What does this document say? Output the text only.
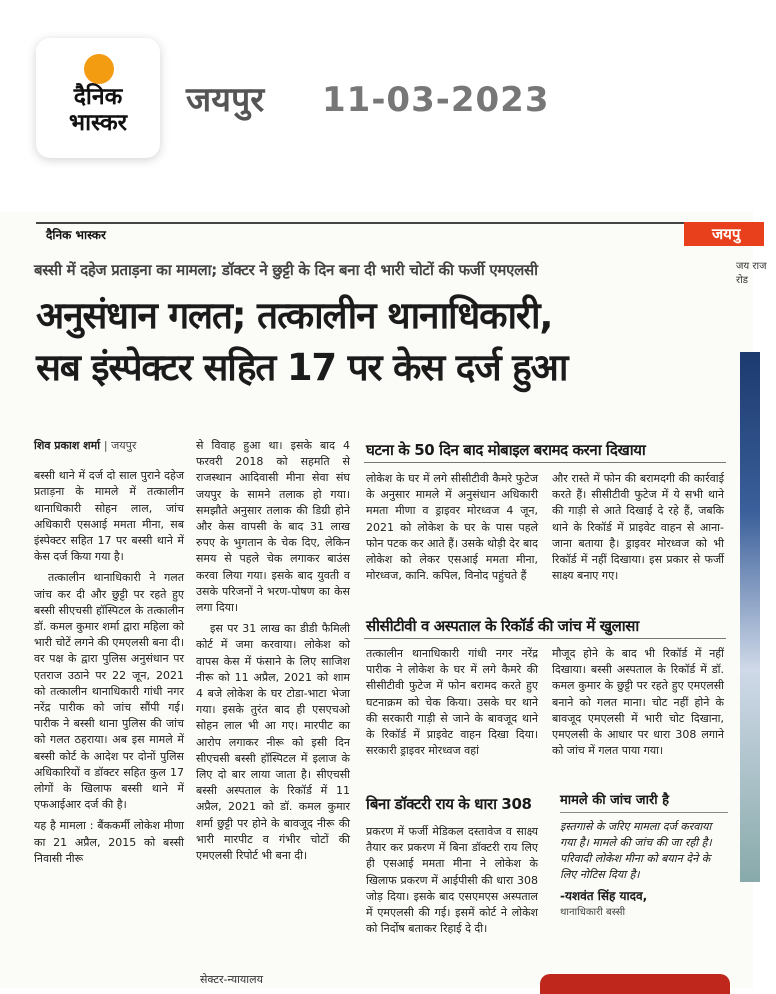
दैनिक
भास्कर
जयपुर 11-03-2023
दैनिक भास्कर	जयपु
बस्सी में दहेज प्रताड़ना का मामला; डॉक्टर ने छुट्टी के दिन बना दी भारी चोटों की फर्जी एमएलसी
अनुसंधान गलत; तत्कालीन थानाधिकारी,
सब इंस्पेक्टर सहित 17 पर केस दर्ज हुआ
शिव प्रकाश शर्मा | जयपुर

बस्सी थाने में दर्ज दो साल पुराने दहेज प्रताड़ना के मामले में तत्कालीन थानाधिकारी सोहन लाल, जांच अधिकारी एसआई ममता मीना, सब इंस्पेक्टर सहित 17 पर बस्सी थाने में केस दर्ज किया गया है।

तत्कालीन थानाधिकारी ने गलत जांच कर दी और छुट्टी पर रहते हुए बस्सी सीएचसी हॉस्पिटल के तत्कालीन डॉ. कमल कुमार शर्मा द्वारा महिला को भारी चोटें लगने की एमएलसी बना दी। वर पक्ष के द्वारा पुलिस अनुसंधान पर एतराज उठाने पर 22 जून, 2021 को तत्कालीन थानाधिकारी गांधी नगर नरेंद्र पारीक को जांच सौंपी गई। पारीक ने बस्सी थाना पुलिस की जांच को गलत ठहराया। अब इस मामले में बस्सी कोर्ट के आदेश पर दोनों पुलिस अधिकारियों व डॉक्टर सहित कुल 17 लोगों के खिलाफ बस्सी थाने में एफआईआर दर्ज की है।

यह है मामला : बैंककर्मी लोकेश मीणा का 21 अप्रैल, 2015 को बस्सी निवासी नीरू

से विवाह हुआ था। इसके बाद 4 फरवरी 2018 को सहमति से राजस्थान आदिवासी मीना सेवा संघ जयपुर के सामने तलाक हो गया। समझौते अनुसार तलाक की डिग्री होने और केस वापसी के बाद 31 लाख रुपए के भुगतान के चेक दिए, लेकिन समय से पहले चेक लगाकर बाउंस करवा लिया गया। इसके बाद युवती व उसके परिजनों ने भरण-पोषण का केस लगा दिया।

इस पर 31 लाख का डीडी फैमिली कोर्ट में जमा करवाया। लोकेश को वापस केस में फंसाने के लिए साजिश नीरू को 11 अप्रैल, 2021 को शाम 4 बजे लोकेश के घर टोडा-भाटा भेजा गया। इसके तुरंत बाद ही एसएचओ सोहन लाल भी आ गए। मारपीट का आरोप लगाकर नीरू को इसी दिन सीएचसी बस्सी हॉस्पिटल में इलाज के लिए दो बार लाया जाता है। सीएचसी बस्सी अस्पताल के रिकॉर्ड में 11 अप्रैल, 2021 को डॉ. कमल कुमार शर्मा छुट्टी पर होने के बावजूद नीरू की भारी मारपीट व गंभीर चोटों की एमएलसी रिपोर्ट भी बना दी।

घटना के 50 दिन बाद मोबाइल बरामद करना दिखाया

लोकेश के घर में लगे सीसीटीवी कैमरे फुटेज के अनुसार मामले में अनुसंधान अधिकारी ममता मीणा व ड्राइवर मोरध्वज 4 जून, 2021 को लोकेश के घर के पास पहले फोन पटक कर आते हैं। उसके थोड़ी देर बाद लोकेश को लेकर एसआई ममता मीना, मोरध्वज, कानि. कपिल, विनोद पहुंचते हैं

और रास्ते में फोन की बरामदगी की कार्रवाई करते हैं। सीसीटीवी फुटेज में ये सभी थाने की गाड़ी से आते दिखाई दे रहे हैं, जबकि थाने के रिकॉर्ड में प्राइवेट वाहन से आना-जाना बताया है। ड्राइवर मोरध्वज को भी रिकॉर्ड में नहीं दिखाया। इस प्रकार से फर्जी साक्ष्य बनाए गए।

सीसीटीवी व अस्पताल के रिकॉर्ड की जांच में खुलासा

तत्कालीन थानाधिकारी गांधी नगर नरेंद्र पारीक ने लोकेश के घर में लगे कैमरे की सीसीटीवी फुटेज में फोन बरामद करते हुए घटनाक्रम को चेक किया। उसके घर थाने की सरकारी गाड़ी से जाने के बावजूद थाने के रिकॉर्ड में प्राइवेट वाहन दिखा दिया। सरकारी ड्राइवर मोरध्वज वहां

मौजूद होने के बाद भी रिकॉर्ड में नहीं दिखाया। बस्सी अस्पताल के रिकॉर्ड में डॉ. कमल कुमार के छुट्टी पर रहते हुए एमएलसी बनाने को गलत माना। चोट नहीं होने के बावजूद एमएलसी में भारी चोट दिखाना, एमएलसी के आधार पर धारा 308 लगाने को जांच में गलत पाया गया।

बिना डॉक्टरी राय के धारा 308

प्रकरण में फर्जी मेडिकल दस्तावेज व साक्ष्य तैयार कर प्रकरण में बिना डॉक्टरी राय लिए ही एसआई ममता मीना ने लोकेश के खिलाफ प्रकरण में आईपीसी की धारा 308 जोड़ दिया। इसके बाद एसएमएस अस्पताल में एमएलसी की गई। इसमें कोर्ट ने लोकेश को निर्दोष बताकर रिहाई दे दी।

मामले की जांच जारी है
इस्तगासे के जरिए मामला दर्ज करवाया गया है। मामले की जांच की जा रही है। परिवादी लोकेश मीना को बयान देने के लिए नोटिस दिया है।
-यशवंत सिंह यादव,
थानाधिकारी बस्सी
जय राज रोड
सेक्टर-न्यायालय
